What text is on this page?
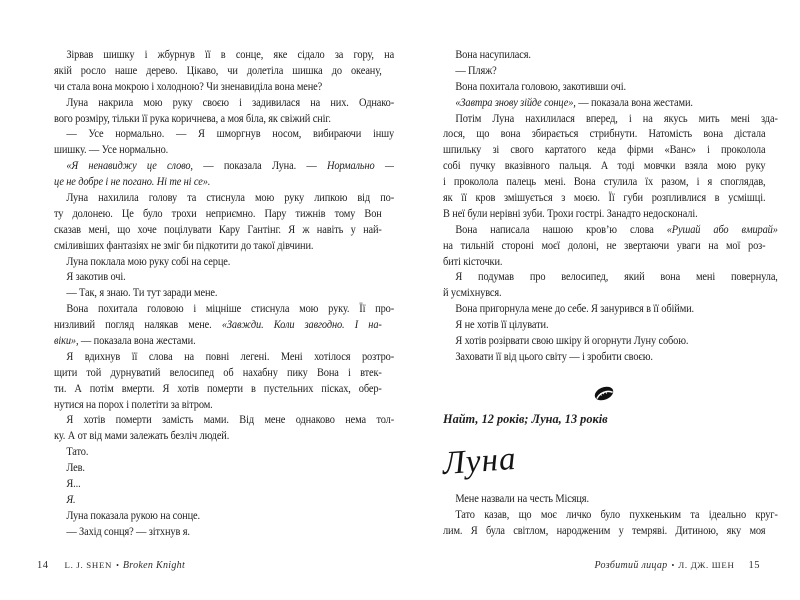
Зірвав шишку і жбурнув її в сонце, яке сідало за гору, на
якій росло наше дерево. Цікаво, чи долетіла шишка до океану,
чи стала вона мокрою і холодною? Чи зненавиділа вона мене?
Луна накрила мою руку своєю і задивилася на них. Однако-
вого розміру, тільки її рука коричнева, а моя біла, як свіжий сніг.
— Усе нормально. — Я шморгнув носом, вибираючи іншу
шишку. — Усе нормально.
«Я ненавиджу це слово, — показала Луна. — Нормально —
це не добре і не погано. Ні те ні се».
Луна нахилила голову та стиснула мою руку липкою від по-
ту долонею. Це було трохи неприємно. Пару тижнів тому Вон
сказав мені, що хоче поцілувати Кару Гантінг. Я ж навіть у най-
сміливіших фантазіях не зміг би підкотити до такої дівчини.
Луна поклала мою руку собі на серце.
Я закотив очі.
— Так, я знаю. Ти тут заради мене.
Вона похитала головою і міцніше стиснула мою руку. Її про-
низливий погляд налякав мене. «Завжди. Коли завгодно. І на-
віки», — показала вона жестами.
Я вдихнув її слова на повні легені. Мені хотілося розтро-
щити той дурнуватий велосипед об нахабну пику Вона і втек-
ти. А потім вмерти. Я хотів померти в пустельних пісках, обер-
нутися на порох і полетіти за вітром.
Я хотів померти замість мами. Від мене однаково нема тол-
ку. А от від мами залежать безліч людей.
Тато.
Лев.
Я...
Я.
Луна показала рукою на сонце.
— Захід сонця? — зітхнув я.
Вона насупилася.
— Пляж?
Вона похитала головою, закотивши очі.
«Завтра знову зійде сонце», — показала вона жестами.
Потім Луна нахилилася вперед, і на якусь мить мені зда-
лося, що вона збирається стрибнути. Натомість вона дістала
шпильку зі свого картатого кеда фірми «Ванс» і проколола
собі пучку вказівного пальця. А тоді мовчки взяла мою руку
і проколола палець мені. Вона стулила їх разом, і я споглядав,
як її кров змішується з моєю. Її губи розпливлися в усмішці.
В неї були нерівні зуби. Трохи гострі. Занадто недосконалі.
Вона написала нашою кров’ю слова «Рушай або вмирай»
на тильній стороні моєї долоні, не звертаючи уваги на мої роз-
биті кісточки.
Я подумав про велосипед, який вона мені повернула,
й усміхнувся.
Вона пригорнула мене до себе. Я занурився в її обійми.
Я не хотів її цілувати.
Я хотів розірвати свою шкіру й огорнути Луну собою.
Заховати її від цього світу — і зробити своєю.
Найт, 12 років; Луна, 13 років
Луна
Мене назвали на честь Місяця.
Тато казав, що моє личко було пухкеньким та ідеально круг-
лим. Я була світлом, народженим у темряві. Дитиною, яку моя
14 L. J. SHEN • Broken Knight	Розбитий лицар • Л. ДЖ. ШЕН 15
